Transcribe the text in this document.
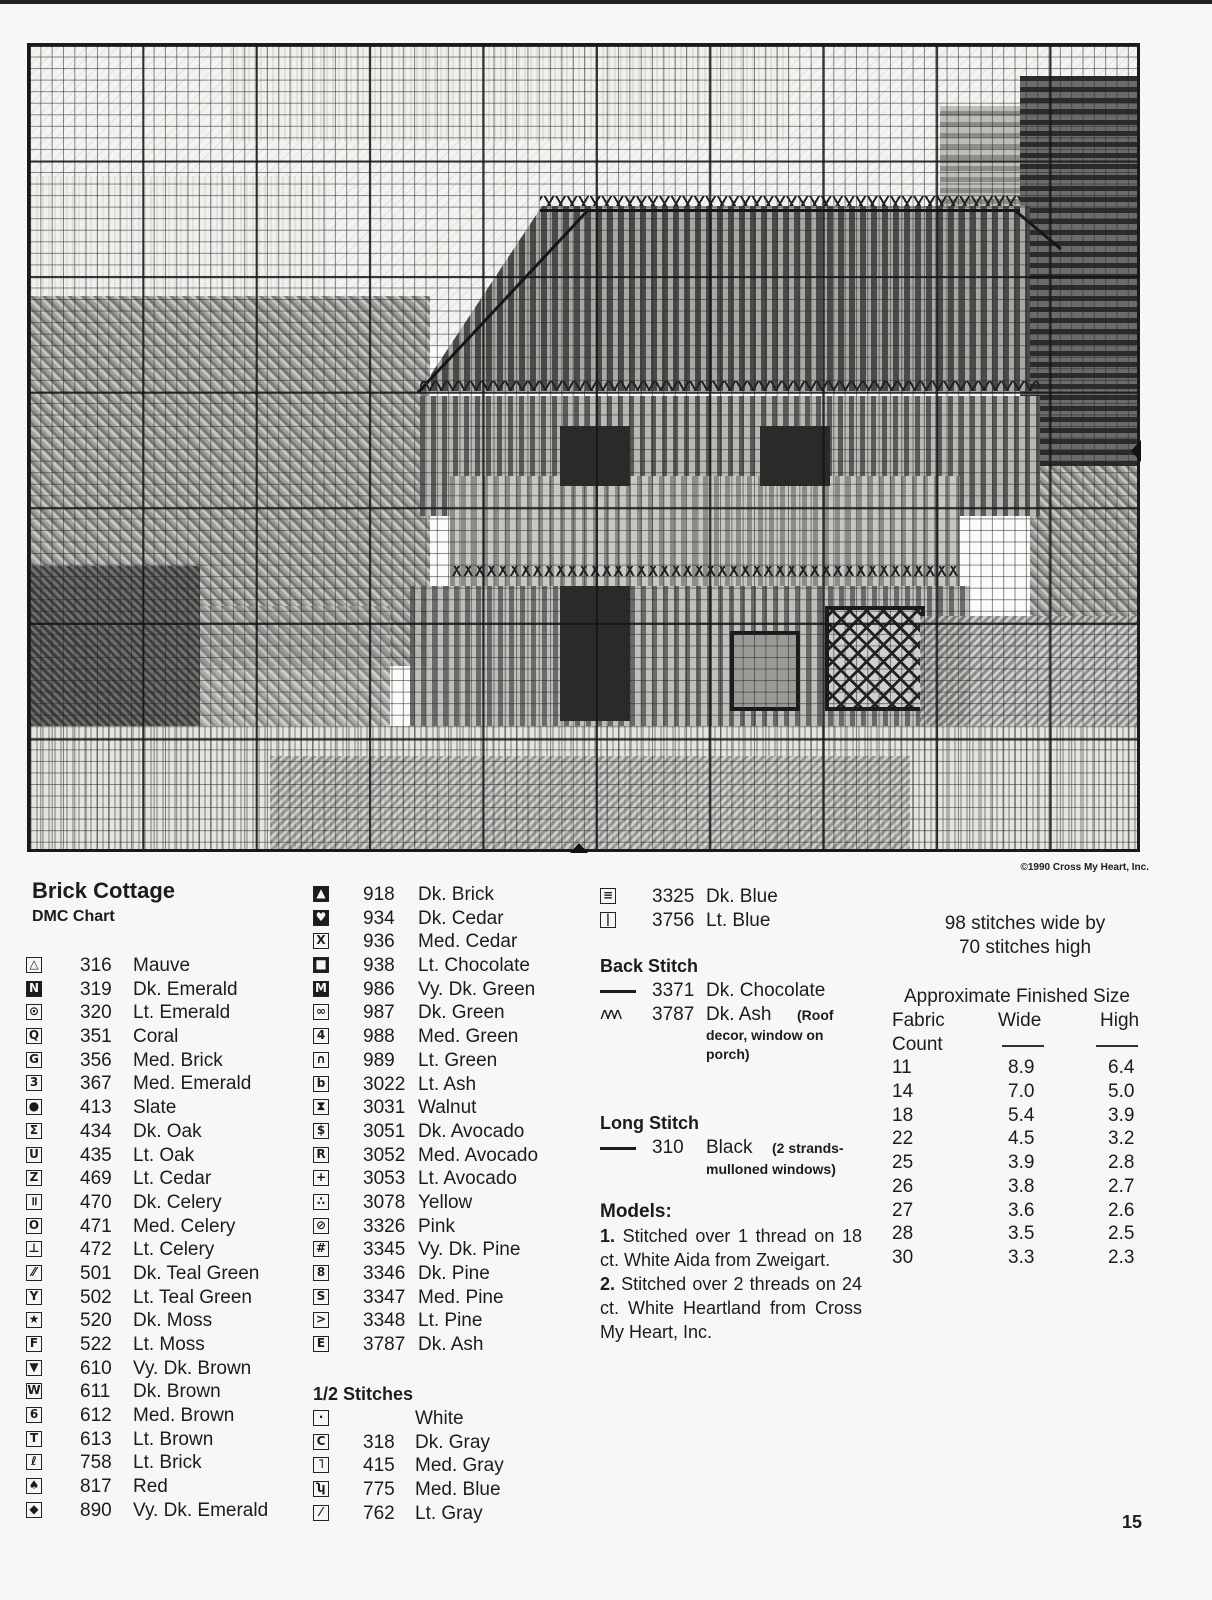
©1990 Cross My Heart, Inc.
Brick Cottage
DMC Chart
△ 316 Mauve
N 319 Dk. Emerald
⊙ 320 Lt. Emerald
Q 351 Coral
G 356 Med. Brick
3 367 Med. Emerald
● 413 Slate
Σ 434 Dk. Oak
U 435 Lt. Oak
Z 469 Lt. Cedar
॥ 470 Dk. Celery
O 471 Med. Celery
⊥ 472 Lt. Celery
⁄⁄	501 Dk. Teal Green
Y 502 Lt. Teal Green
★ 520 Dk. Moss
F 522 Lt. Moss
▼ 610 Vy. Dk. Brown
W 611 Dk. Brown
6 612 Med. Brown
T 613 Lt. Brown
ℓ 758 Lt. Brick
♠ 817 Red
◆ 890 Vy. Dk. Emerald
▲ 918 Dk. Brick
♥ 934 Dk. Cedar
X 936 Med. Cedar
■ 938 Lt. Chocolate
M 986 Vy. Dk. Green
∞ 987 Dk. Green
4 988 Med. Green
∩ 989 Lt. Green
b 3022 Lt. Ash
⧗ 3031 Walnut
$ 3051 Dk. Avocado
R 3052 Med. Avocado
+ 3053 Lt. Avocado
∴ 3078 Yellow
⊘ 3326 Pink
# 3345 Vy. Dk. Pine
8 3346 Dk. Pine
S 3347 Med. Pine
> 3348 Lt. Pine
E 3787 Dk. Ash
1/2 Stitches
·	White
C 318 Dk. Gray
˥ 415 Med. Gray
ʮ 775 Med. Blue
⁄	762 Lt. Gray
≡ 3325 Dk. Blue
|	3756 Lt. Blue
Back Stitch
3371 Dk. Chocolate
ᴧᴧᴧ	3787 Dk. Ash (Roof
decor, window on
porch)
Long Stitch
310 Black (2 strands-
mulloned windows)
Models:

1. Stitched over 1 thread on 18 ct. White Aida from Zweigart.

2. Stitched over 2 threads on 24 ct. White Heartland from Cross My Heart, Inc.

98 stitches wide by
70 stitches high
Approximate Finished Size
Fabric	Wide	High
Count
11	8.9	6.4
14	7.0	5.0
18	5.4	3.9
22	4.5	3.2
25	3.9	2.8
26	3.8	2.7
27	3.6	2.6
28	3.5	2.5
30	3.3	2.3
15
